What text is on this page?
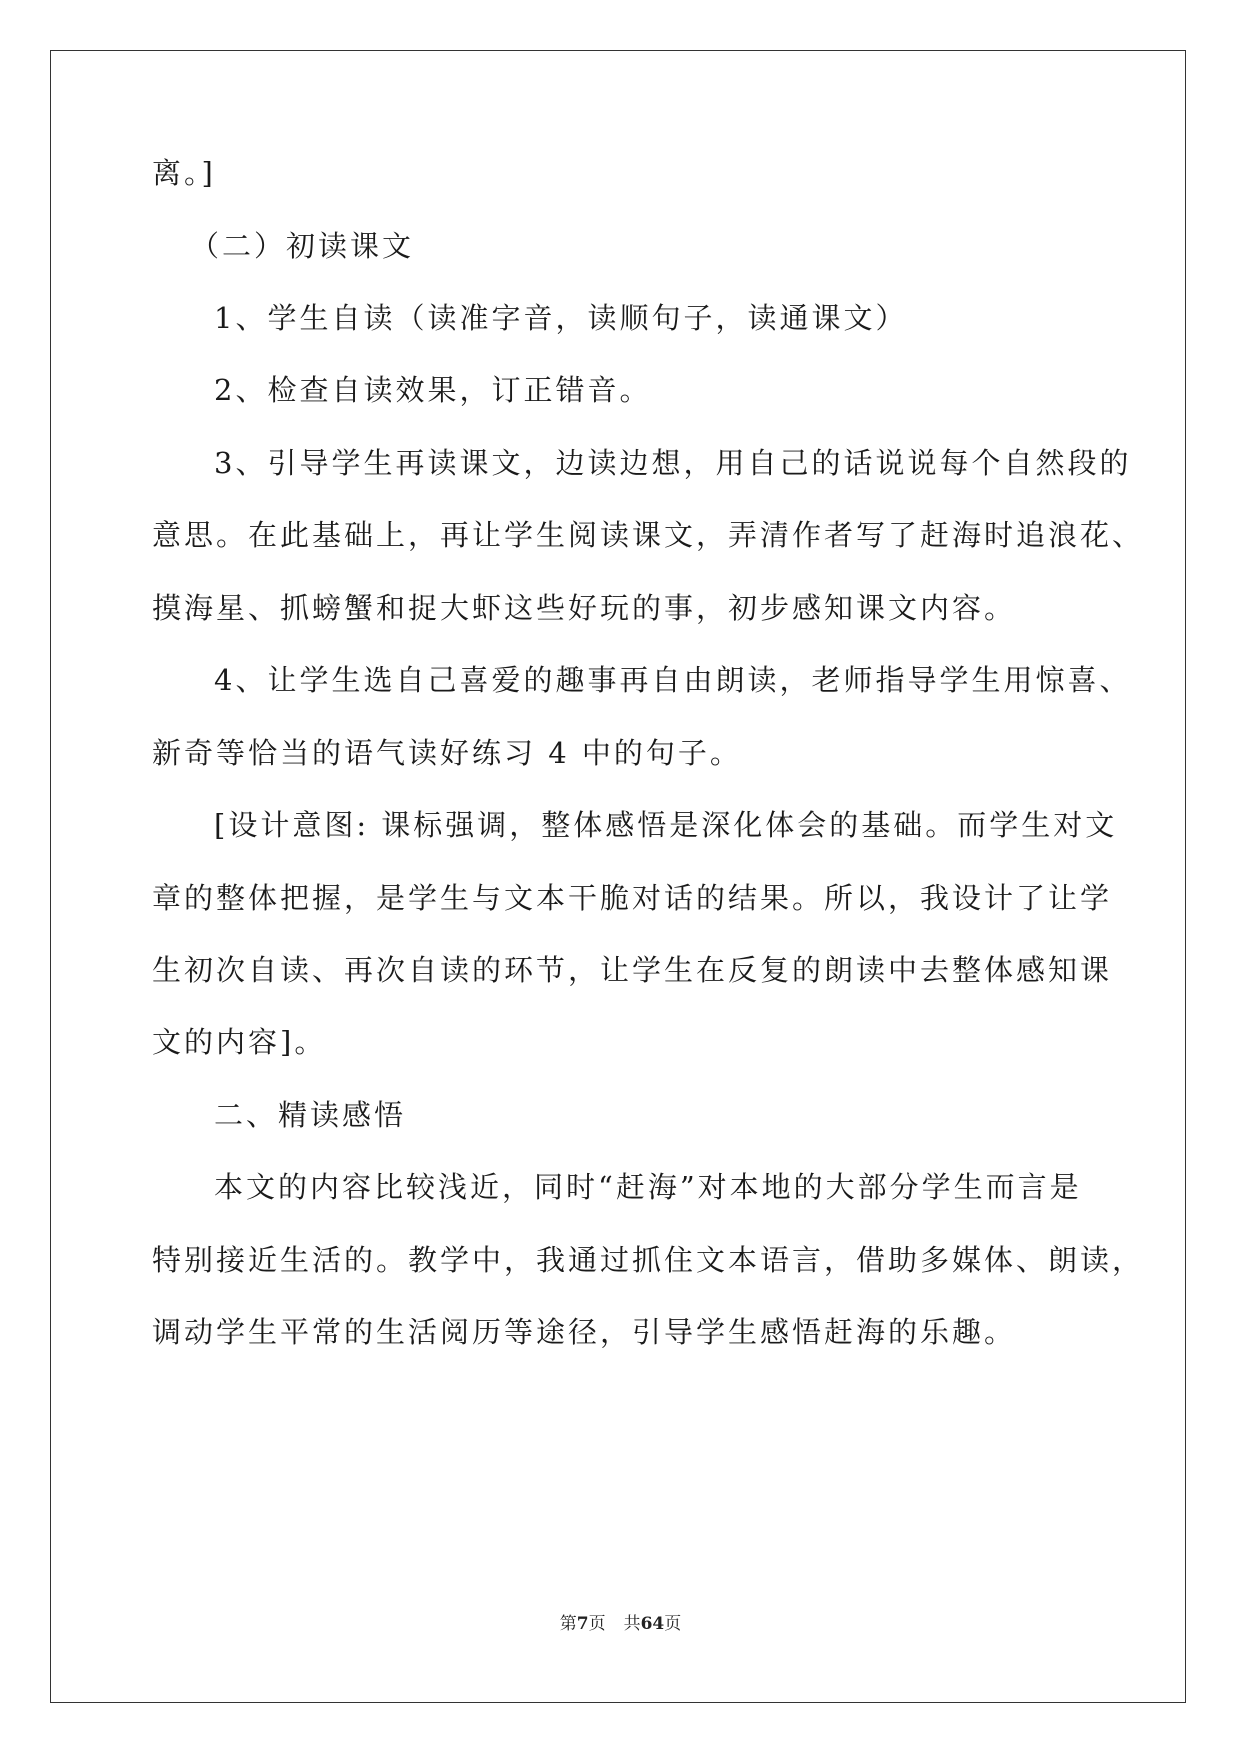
离。]
（二）初读课文
1、学生自读（读准字音，读顺句子，读通课文）
2、检查自读效果，订正错音。
3、引导学生再读课文，边读边想，用自己的话说说每个自然段的
意思。在此基础上，再让学生阅读课文，弄清作者写了赶海时追浪花、
摸海星、抓螃蟹和捉大虾这些好玩的事，初步感知课文内容。
4、让学生选自己喜爱的趣事再自由朗读，老师指导学生用惊喜、
新奇等恰当的语气读好练习 4 中的句子。
[设计意图: 课标强调，整体感悟是深化体会的基础。而学生对文
章的整体把握，是学生与文本干脆对话的结果。所以，我设计了让学
生初次自读、再次自读的环节，让学生在反复的朗读中去整体感知课
文的内容]。
二、精读感悟
本文的内容比较浅近，同时“赶海”对本地的大部分学生而言是
特别接近生活的。教学中，我通过抓住文本语言，借助多媒体、朗读，
调动学生平常的生活阅历等途径，引导学生感悟赶海的乐趣。
第7页 共64页
